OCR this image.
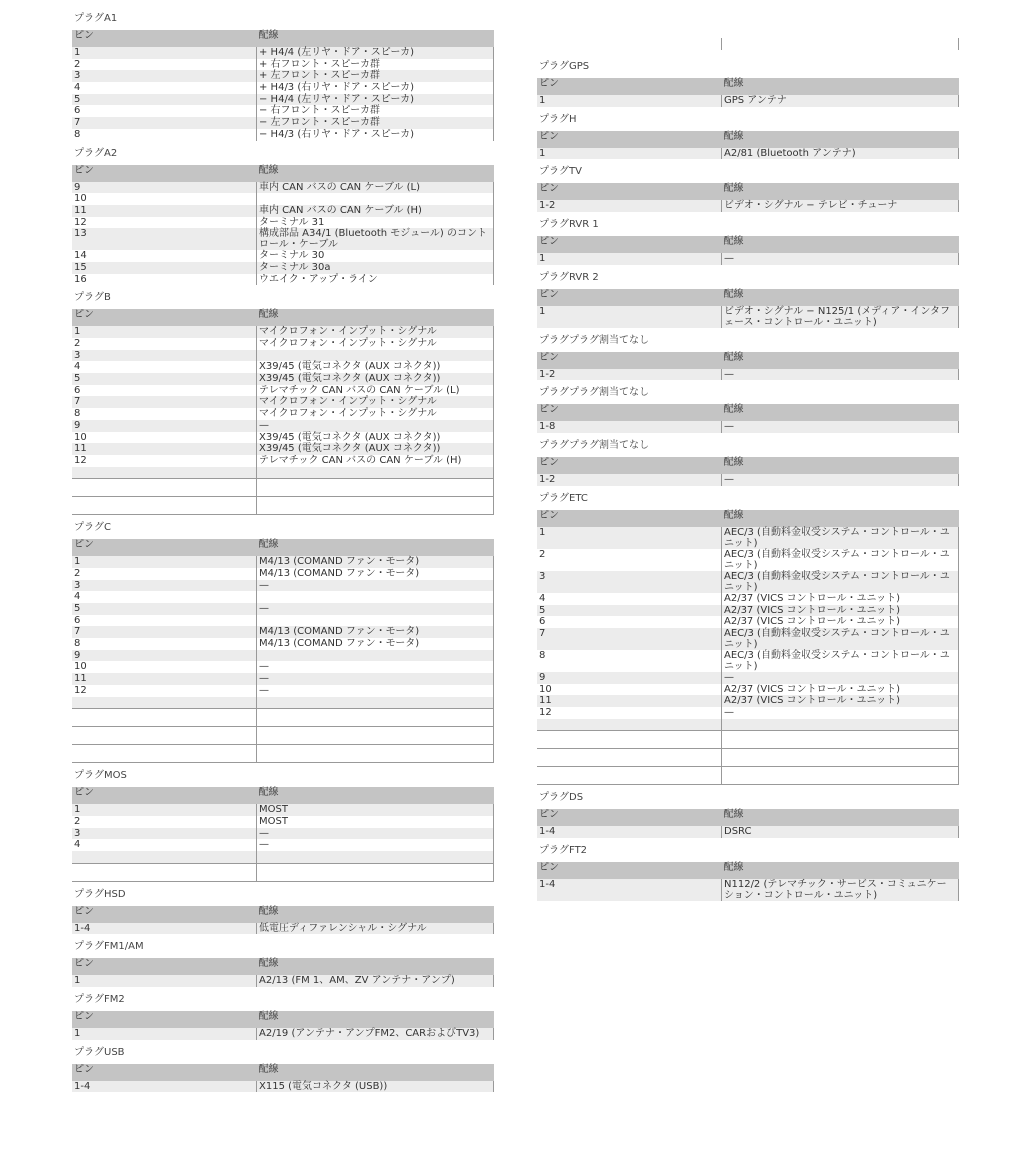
プラグA1
ピン	配線
1	+ H4/4 (左リヤ・ドア・スピーカ)
2	+ 右フロント・スピーカ群
3	+ 左フロント・スピーカ群
4	+ H4/3 (右リヤ・ドア・スピーカ)
5	− H4/4 (左リヤ・ドア・スピーカ)
6	− 右フロント・スピーカ群
7	− 左フロント・スピーカ群
8	− H4/3 (右リヤ・ドア・スピーカ)
プラグA2
ピン	配線
9	車内 CAN バスの CAN ケーブル (L)
10	
11	車内 CAN バスの CAN ケーブル (H)
12	ターミナル 31
13	構成部品 A34/1 (Bluetooth モジュール) のコントロール・ケーブル
14	ターミナル 30
15	ターミナル 30a
16	ウエイク・アップ・ライン
プラグB
ピン	配線
1	マイクロフォン・インプット・シグナル
2	マイクロフォン・インプット・シグナル
3	
4	X39/45 (電気コネクタ (AUX コネクタ))
5	X39/45 (電気コネクタ (AUX コネクタ))
6	テレマチック CAN バスの CAN ケーブル (L)
7	マイクロフォン・インプット・シグナル
8	マイクロフォン・インプット・シグナル
9	—
10	X39/45 (電気コネクタ (AUX コネクタ))
11	X39/45 (電気コネクタ (AUX コネクタ))
12	テレマチック CAN バスの CAN ケーブル (H)

プラグC
ピン	配線
1	M4/13 (COMAND ファン・モータ)
2	M4/13 (COMAND ファン・モータ)
3	—
4	
5	—
6	
7	M4/13 (COMAND ファン・モータ)
8	M4/13 (COMAND ファン・モータ)
9	
10	—
11	—
12	—

プラグMOS
ピン	配線
1	MOST
2	MOST
3	—
4	—

プラグHSD
ピン	配線
1-4	低電圧ディファレンシャル・シグナル
プラグFM1/AM
ピン	配線
1	A2/13 (FM 1、AM、ZV アンテナ・アンプ)
プラグFM2
ピン	配線
1	A2/19 (アンテナ・アンプFM2、CARおよびTV3)
プラグUSB
ピン	配線
1-4	X115 (電気コネクタ (USB))
プラグGPS
ピン	配線
1	GPS アンテナ
プラグH
ピン	配線
1	A2/81 (Bluetooth アンテナ)
プラグTV
ピン	配線
1-2	ビデオ・シグナル − テレビ・チューナ
プラグRVR 1
ピン	配線
1	—
プラグRVR 2
ピン	配線
1	ビデオ・シグナル − N125/1 (メディア・インタフェース・コントロール・ユニット)
プラグプラグ割当てなし
ピン	配線
1-2	—
プラグプラグ割当てなし
ピン	配線
1-8	—
プラグプラグ割当てなし
ピン	配線
1-2	—
プラグETC
ピン	配線
1	AEC/3 (自動料金収受システム・コントロール・ユニット)
2	AEC/3 (自動料金収受システム・コントロール・ユニット)
3	AEC/3 (自動料金収受システム・コントロール・ユニット)
4	A2/37 (VICS コントロール・ユニット)
5	A2/37 (VICS コントロール・ユニット)
6	A2/37 (VICS コントロール・ユニット)
7	AEC/3 (自動料金収受システム・コントロール・ユニット)
8	AEC/3 (自動料金収受システム・コントロール・ユニット)
9	—
10	A2/37 (VICS コントロール・ユニット)
11	A2/37 (VICS コントロール・ユニット)
12	—

プラグDS
ピン	配線
1-4	DSRC
プラグFT2
ピン	配線
1-4	N112/2 (テレマチック・サービス・コミュニケーション・コントロール・ユニット)
